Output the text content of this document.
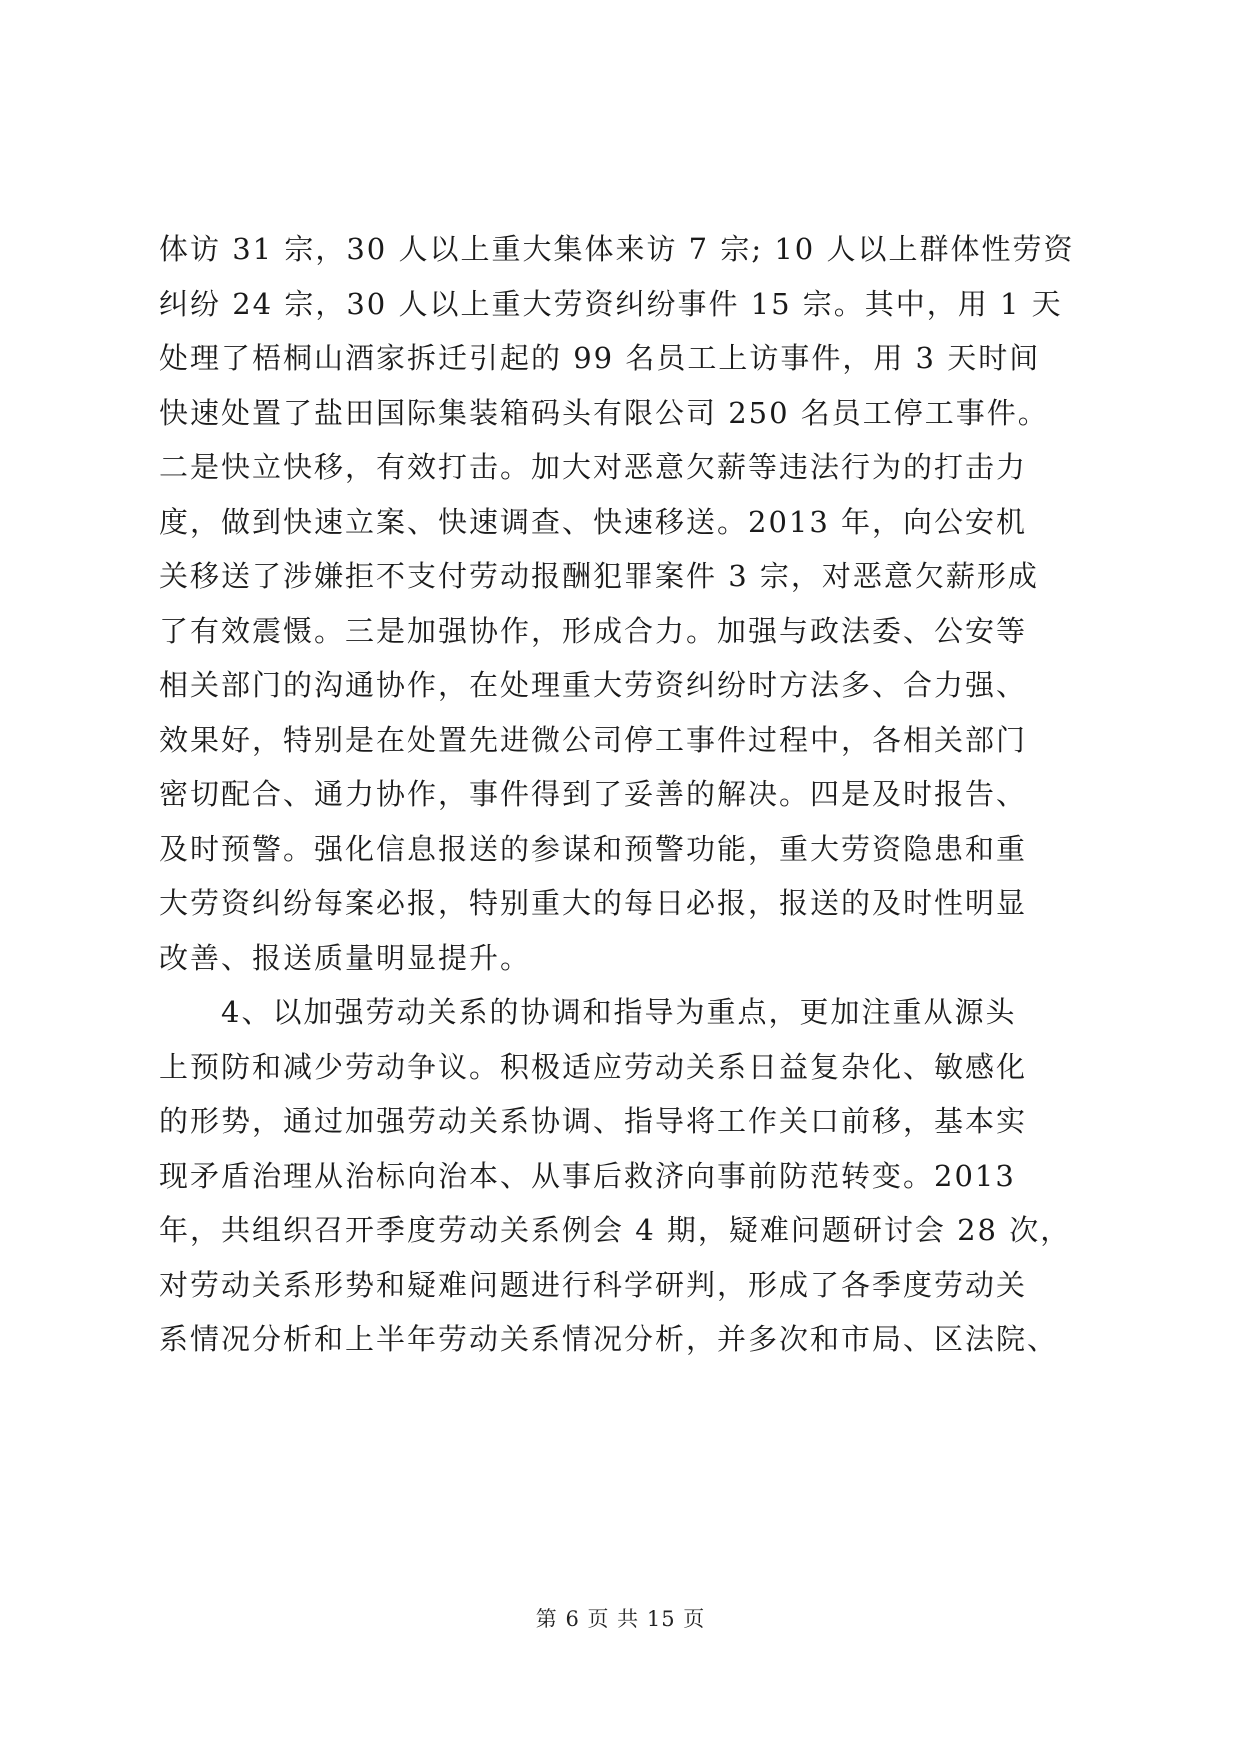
体访 31 宗，30 人以上重大集体来访 7 宗; 10 人以上群体性劳资
纠纷 24 宗，30 人以上重大劳资纠纷事件 15 宗。其中，用 1 天
处理了梧桐山酒家拆迁引起的 99 名员工上访事件，用 3 天时间
快速处置了盐田国际集装箱码头有限公司 250 名员工停工事件。
二是快立快移，有效打击。加大对恶意欠薪等违法行为的打击力
度，做到快速立案、快速调查、快速移送。2013 年，向公安机
关移送了涉嫌拒不支付劳动报酬犯罪案件 3 宗，对恶意欠薪形成
了有效震慑。三是加强协作，形成合力。加强与政法委、公安等
相关部门的沟通协作，在处理重大劳资纠纷时方法多、合力强、
效果好，特别是在处置先进微公司停工事件过程中，各相关部门
密切配合、通力协作，事件得到了妥善的解决。四是及时报告、
及时预警。强化信息报送的参谋和预警功能，重大劳资隐患和重
大劳资纠纷每案必报，特别重大的每日必报，报送的及时性明显
改善、报送质量明显提升。
　　4、以加强劳动关系的协调和指导为重点，更加注重从源头
上预防和减少劳动争议。积极适应劳动关系日益复杂化、敏感化
的形势，通过加强劳动关系协调、指导将工作关口前移，基本实
现矛盾治理从治标向治本、从事后救济向事前防范转变。2013
年，共组织召开季度劳动关系例会 4 期，疑难问题研讨会 28 次，
对劳动关系形势和疑难问题进行科学研判，形成了各季度劳动关
系情况分析和上半年劳动关系情况分析，并多次和市局、区法院、
第 6 页 共 15 页
